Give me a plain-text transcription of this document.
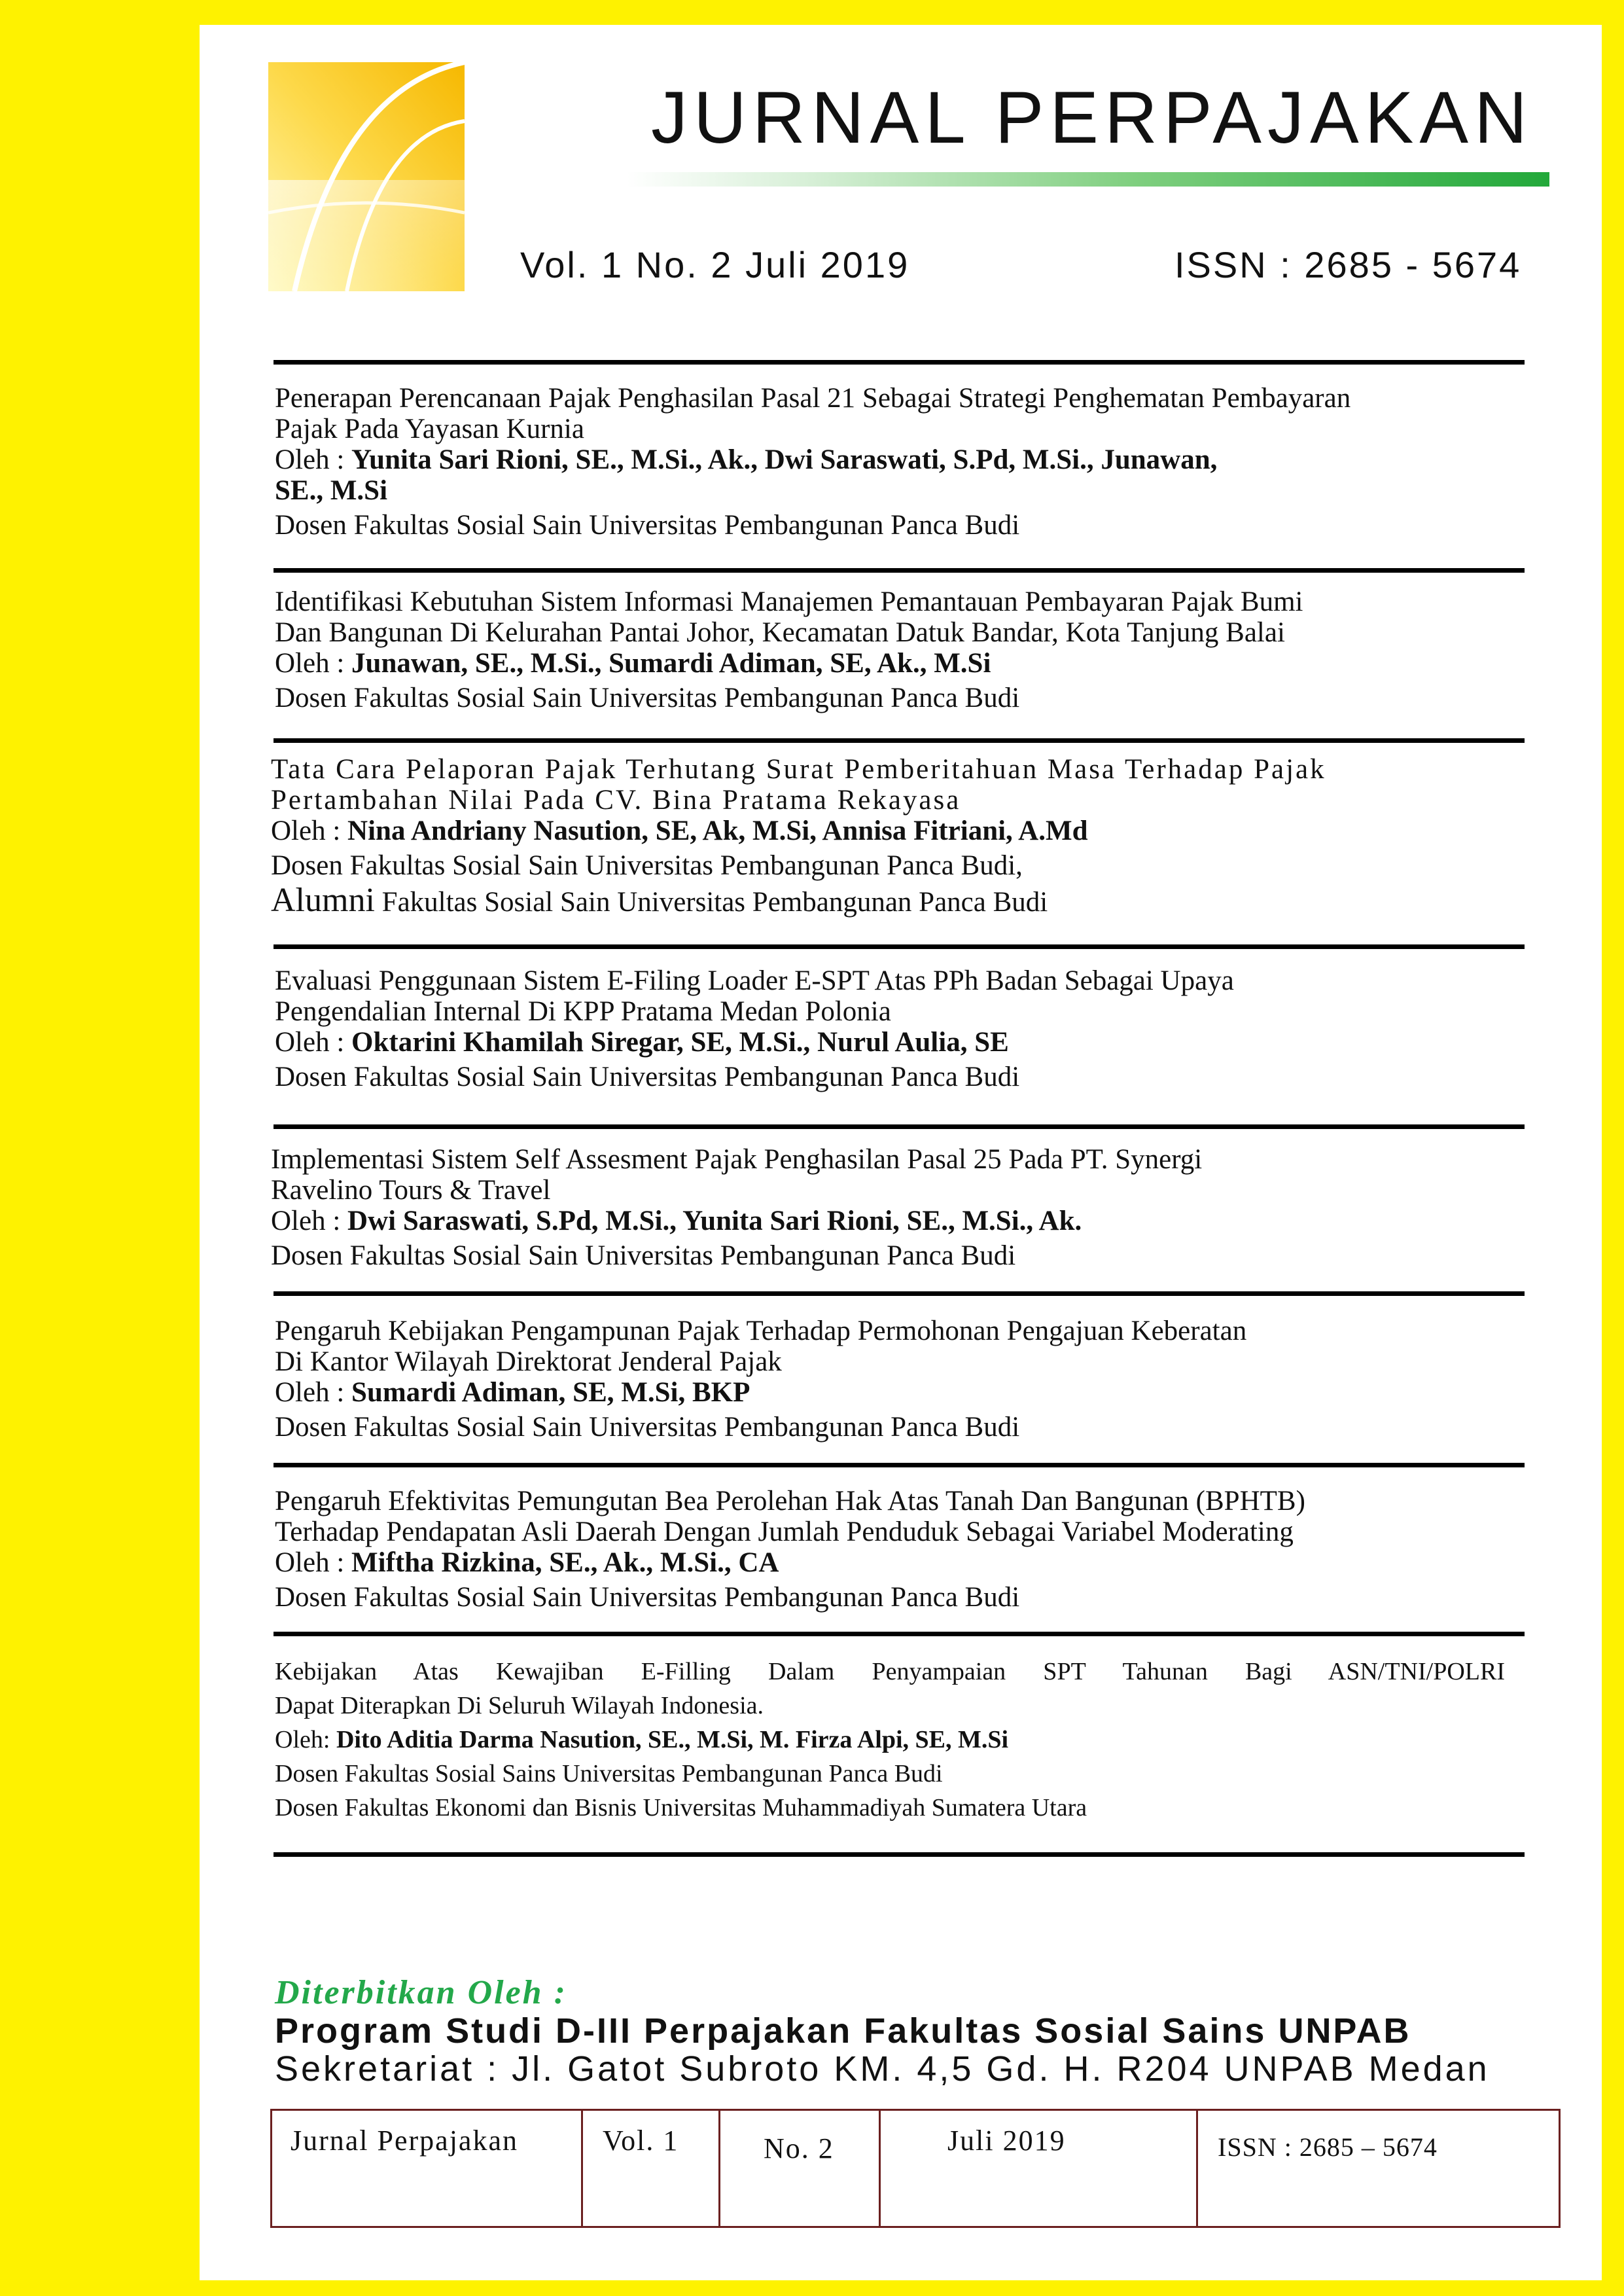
JURNAL PERPAJAKAN
Vol. 1 No. 2 Juli 2019	ISSN : 2685 - 5674

Penerapan Perencanaan Pajak Penghasilan Pasal 21 Sebagai Strategi Penghematan Pembayaran

Pajak Pada Yayasan Kurnia

Oleh : Yunita Sari Rioni, SE., M.Si., Ak., Dwi Saraswati, S.Pd, M.Si., Junawan,

SE., M.Si

Dosen Fakultas Sosial Sain Universitas Pembangunan Panca Budi

Identifikasi Kebutuhan Sistem Informasi Manajemen Pemantauan Pembayaran Pajak Bumi

Dan Bangunan Di Kelurahan Pantai Johor, Kecamatan Datuk Bandar, Kota Tanjung Balai

Oleh : Junawan, SE., M.Si., Sumardi Adiman, SE, Ak., M.Si

Dosen Fakultas Sosial Sain Universitas Pembangunan Panca Budi

Tata Cara Pelaporan Pajak Terhutang Surat Pemberitahuan Masa Terhadap Pajak

Pertambahan Nilai Pada CV. Bina Pratama Rekayasa

Oleh : Nina Andriany Nasution, SE, Ak, M.Si, Annisa Fitriani, A.Md

Dosen Fakultas Sosial Sain Universitas Pembangunan Panca Budi,

Alumni Fakultas Sosial Sain Universitas Pembangunan Panca Budi

Evaluasi Penggunaan Sistem E-Filing Loader E-SPT Atas PPh Badan Sebagai Upaya

Pengendalian Internal Di KPP Pratama Medan Polonia

Oleh : Oktarini Khamilah Siregar, SE, M.Si., Nurul Aulia, SE

Dosen Fakultas Sosial Sain Universitas Pembangunan Panca Budi

Implementasi Sistem Self Assesment Pajak Penghasilan Pasal 25 Pada PT. Synergi

Ravelino Tours & Travel

Oleh : Dwi Saraswati, S.Pd, M.Si., Yunita Sari Rioni, SE., M.Si., Ak.

Dosen Fakultas Sosial Sain Universitas Pembangunan Panca Budi

Pengaruh Kebijakan Pengampunan Pajak Terhadap Permohonan Pengajuan Keberatan

Di Kantor Wilayah Direktorat Jenderal Pajak

Oleh : Sumardi Adiman, SE, M.Si, BKP

Dosen Fakultas Sosial Sain Universitas Pembangunan Panca Budi

Pengaruh Efektivitas Pemungutan Bea Perolehan Hak Atas Tanah Dan Bangunan (BPHTB)

Terhadap Pendapatan Asli Daerah Dengan Jumlah Penduduk Sebagai Variabel Moderating

Oleh : Miftha Rizkina, SE., Ak., M.Si., CA

Dosen Fakultas Sosial Sain Universitas Pembangunan Panca Budi

Kebijakan Atas Kewajiban E-Filling Dalam Penyampaian SPT Tahunan Bagi ASN/TNI/POLRI

Dapat Diterapkan Di Seluruh Wilayah Indonesia.

Oleh: Dito Aditia Darma Nasution, SE., M.Si, M. Firza Alpi, SE, M.Si

Dosen Fakultas Sosial Sains Universitas Pembangunan Panca Budi

Dosen Fakultas Ekonomi dan Bisnis Universitas Muhammadiyah Sumatera Utara

Diterbitkan Oleh :
Program Studi D-III Perpajakan Fakultas Sosial Sains UNPAB
Sekretariat : Jl. Gatot Subroto KM. 4,5 Gd. H. R204 UNPAB Medan
Jurnal Perpajakan	Vol. 1	No. 2	Juli 2019	ISSN : 2685 – 5674
